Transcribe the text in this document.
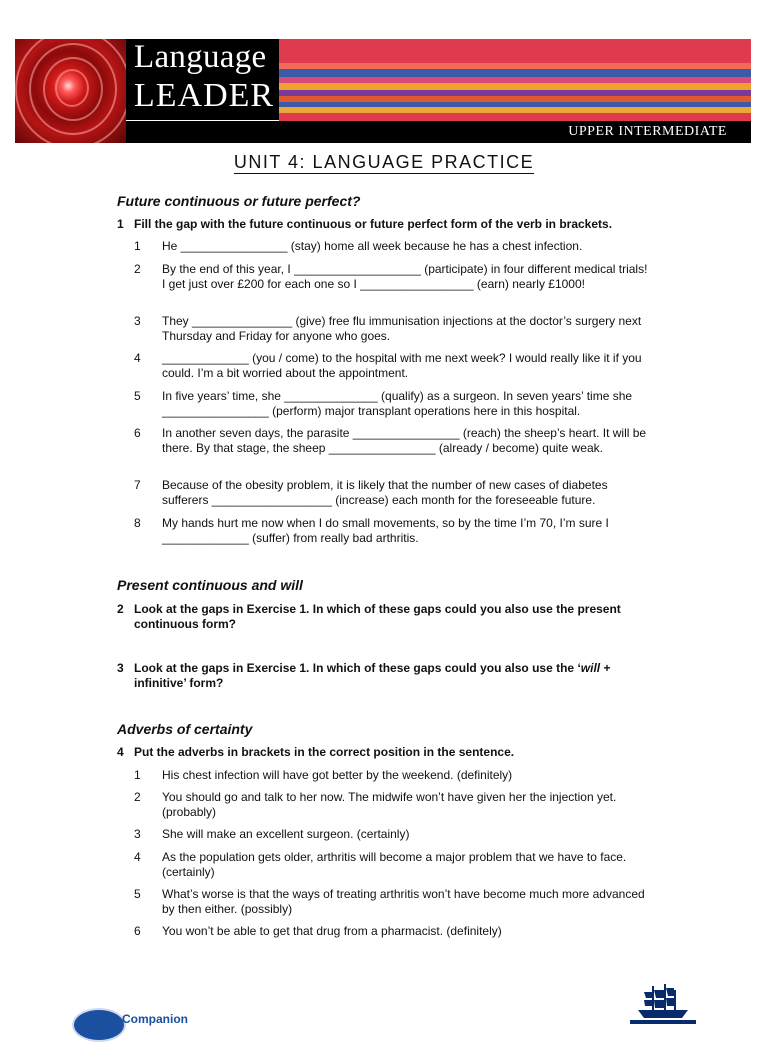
Language
LEADER
UPPER INTERMEDIATE
UNIT 4: LANGUAGE PRACTICE
Future continuous or future perfect?
1 Fill the gap with the future continuous or future perfect form of the verb in brackets.
1 He ________________ (stay) home all week because he has a chest infection.
2 By the end of this year, I ___________________ (participate) in four different medical trials! I get just over £200 for each one so I _________________ (earn) nearly £1000!
3 They _______________ (give) free flu immunisation injections at the doctor’s surgery next Thursday and Friday for anyone who goes.
4 _____________ (you / come) to the hospital with me next week? I would really like it if you could. I’m a bit worried about the appointment.
5 In five years’ time, she ______________ (qualify) as a surgeon. In seven years’ time she ________________ (perform) major transplant operations here in this hospital.
6 In another seven days, the parasite ________________ (reach) the sheep’s heart. It will be there. By that stage, the sheep ________________ (already / become) quite weak.
7 Because of the obesity problem, it is likely that the number of new cases of diabetes sufferers __________________ (increase) each month for the foreseeable future.
8 My hands hurt me now when I do small movements, so by the time I’m 70, I’m sure I _____________ (suffer) from really bad arthritis.
Present continuous and will
2 Look at the gaps in Exercise 1. In which of these gaps could you also use the present continuous form?
3 Look at the gaps in Exercise 1. In which of these gaps could you also use the ‘will + infinitive’ form?
Adverbs of certainty
4 Put the adverbs in brackets in the correct position in the sentence.
1 His chest infection will have got better by the weekend. (definitely)
2 You should go and talk to her now. The midwife won’t have given her the injection yet. (probably)
3 She will make an excellent surgeon. (certainly)
4 As the population gets older, arthritis will become a major problem that we have to face. (certainly)
5 What’s worse is that the ways of treating arthritis won’t have become much more advanced by then either. (possibly)
6 You won’t be able to get that drug from a pharmacist. (definitely)
Companion
